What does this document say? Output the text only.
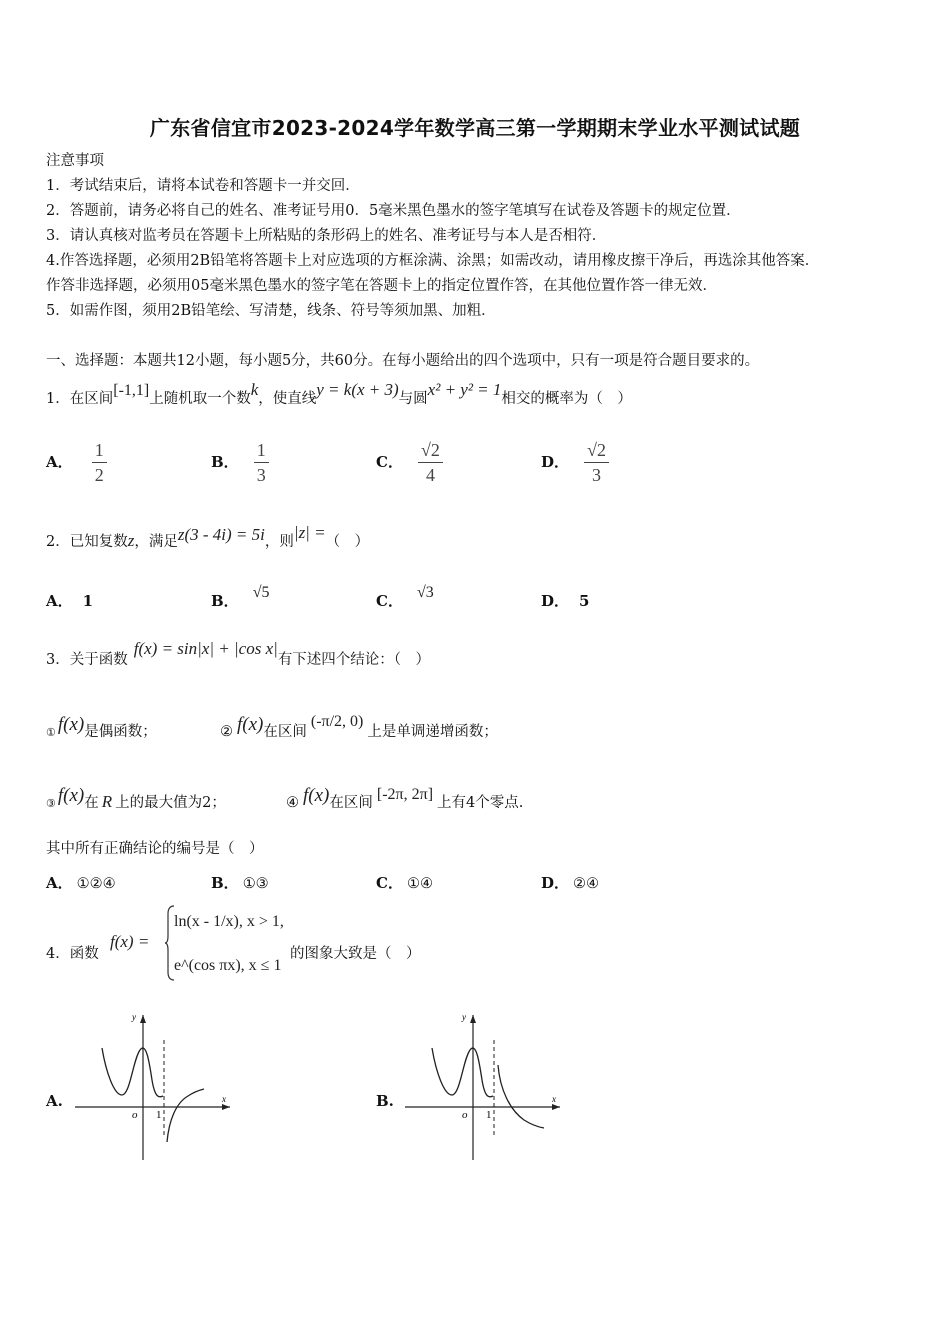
广东省信宜市2023-2024学年数学高三第一学期期末学业水平测试试题
注意事项
1．考试结束后，请将本试卷和答题卡一并交回．
2．答题前，请务必将自己的姓名、准考证号用0．5毫米黑色墨水的签字笔填写在试卷及答题卡的规定位置．
3．请认真核对监考员在答题卡上所粘贴的条形码上的姓名、准考证号与本人是否相符．
4.作答选择题，必须用2B铅笔将答题卡上对应选项的方框涂满、涂黑；如需改动，请用橡皮擦干净后，再选涂其他答案．
作答非选择题，必须用05毫米黑色墨水的签字笔在答题卡上的指定位置作答，在其他位置作答一律无效．
5．如需作图，须用2B铅笔绘、写清楚，线条、符号等须加黑、加粗．
一、选择题：本题共12小题，每小题5分，共60分。在每小题给出的四个选项中，只有一项是符合题目要求的。
1．在区间[-1,1]上随机取一个数k，使直线y = k(x + 3)与圆x² + y² = 1相交的概率为（　）
A． $\frac{1}{2}$	B． $\frac{1}{3}$	C． $\frac{√2}{4}$	D． $\frac{√2}{3}$
2．已知复数z，满足z(3 - 4i) = 5i，则|z| =（　）
A． 1	B． √5	C． √3	D． 5
3．关于函数f(x) = sin|x| + |cos x|有下述四个结论：（　）
① f(x)是偶函数；	② f(x)在区间(-π/2, 0)上是单调递增函数；
③ f(x)在 R 上的最大值为2；	④ f(x)在区间 [-2π, 2π] 上有4个零点.
其中所有正确结论的编号是（　）
A． ①②④	B． ①③	C． ①④	D． ②④
4．函数
f(x) =
ln(x - 1/x), x > 1,
e^(cos πx), x ≤ 1
的图象大致是（　）
A.
y
x
o 1
B.
y
x
o 1
